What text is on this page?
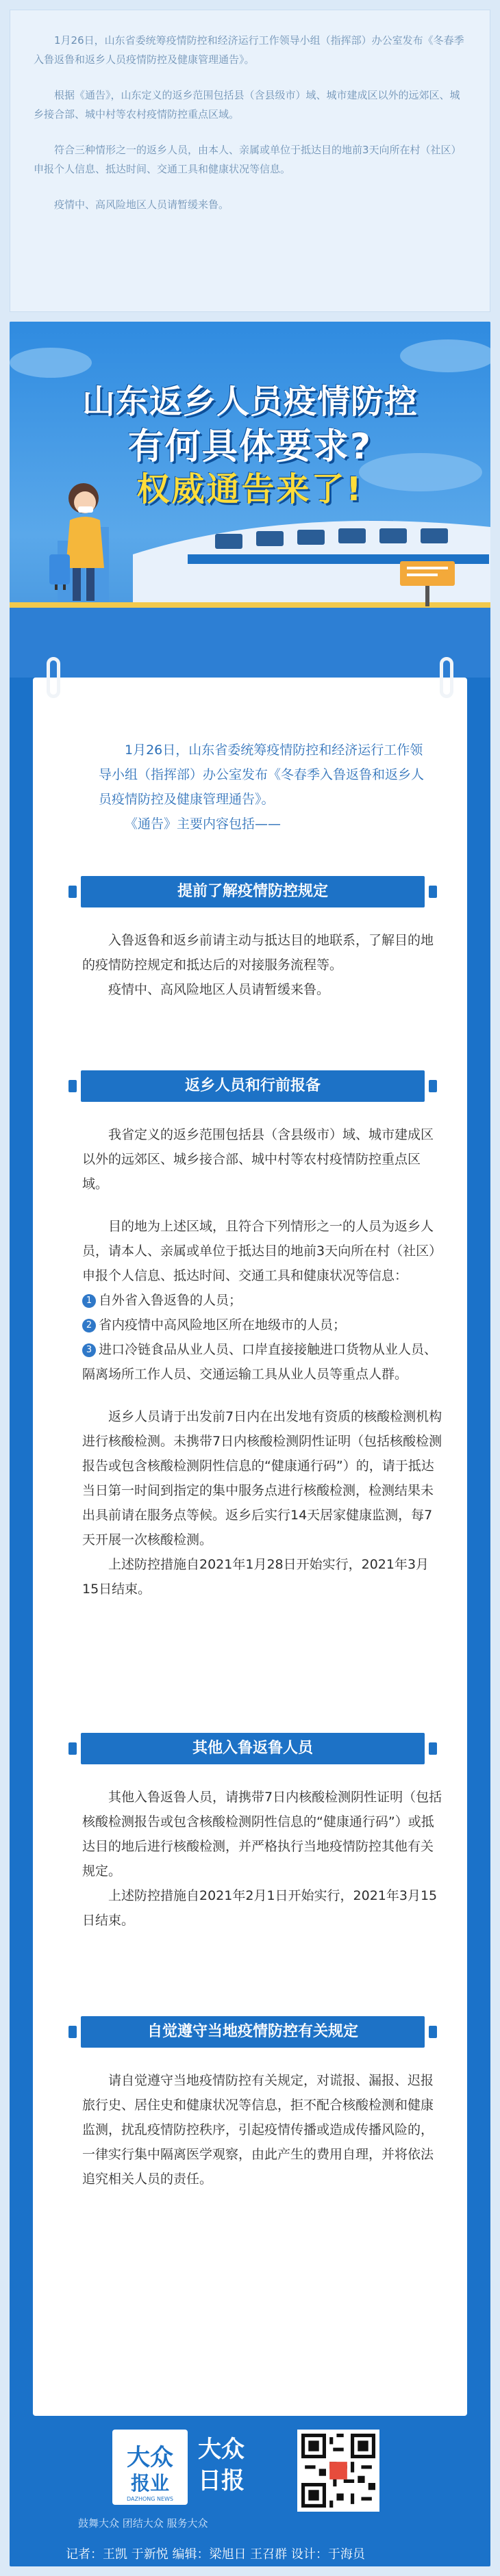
1月26日，山东省委统筹疫情防控和经济运行工作领导小组（指挥部）办公室发布《冬春季入鲁返鲁和返乡人员疫情防控及健康管理通告》。

根据《通告》，山东定义的返乡范围包括县（含县级市）域、城市建成区以外的远郊区、城乡接合部、城中村等农村疫情防控重点区域。

符合三种情形之一的返乡人员，由本人、亲属或单位于抵达目的地前3天向所在村（社区）申报个人信息、抵达时间、交通工具和健康状况等信息。

疫情中、高风险地区人员请暂缓来鲁。

山东返乡人员疫情防控
有何具体要求?
权威通告来了!

1月26日，山东省委统筹疫情防控和经济运行工作领导小组（指挥部）办公室发布《冬春季入鲁返鲁和返乡人员疫情防控及健康管理通告》。

《通告》主要内容包括——

提前了解疫情防控规定

入鲁返鲁和返乡前请主动与抵达目的地联系，了解目的地的疫情防控规定和抵达后的对接服务流程等。

疫情中、高风险地区人员请暂缓来鲁。

返乡人员和行前报备

我省定义的返乡范围包括县（含县级市）域、城市建成区以外的远郊区、城乡接合部、城中村等农村疫情防控重点区域。

目的地为上述区域，且符合下列情形之一的人员为返乡人员，请本人、亲属或单位于抵达目的地前3天向所在村（社区）申报个人信息、抵达时间、交通工具和健康状况等信息：

1 自外省入鲁返鲁的人员；

2 省内疫情中高风险地区所在地级市的人员；

3 进口冷链食品从业人员、口岸直接接触进口货物从业人员、隔离场所工作人员、交通运输工具从业人员等重点人群。

返乡人员请于出发前7日内在出发地有资质的核酸检测机构进行核酸检测。未携带7日内核酸检测阴性证明（包括核酸检测报告或包含核酸检测阴性信息的“健康通行码”）的，请于抵达当日第一时间到指定的集中服务点进行核酸检测，检测结果未出具前请在服务点等候。返乡后实行14天居家健康监测，每7天开展一次核酸检测。

上述防控措施自2021年1月28日开始实行，2021年3月15日结束。

其他入鲁返鲁人员

其他入鲁返鲁人员，请携带7日内核酸检测阴性证明（包括核酸检测报告或包含核酸检测阴性信息的“健康通行码”）或抵达目的地后进行核酸检测，并严格执行当地疫情防控其他有关规定。

上述防控措施自2021年2月1日开始实行，2021年3月15日结束。

自觉遵守当地疫情防控有关规定

请自觉遵守当地疫情防控有关规定，对谎报、漏报、迟报旅行史、居住史和健康状况等信息，拒不配合核酸检测和健康监测，扰乱疫情防控秩序，引起疫情传播或造成传播风险的，一律实行集中隔离医学观察，由此产生的费用自理，并将依法追究相关人员的责任。

大众
报业
DAZHONG NEWS
大众
日报
鼓舞大众 团结大众 服务大众
记者：王凯 于新悦 编辑：梁旭日 王召群 设计：于海员
